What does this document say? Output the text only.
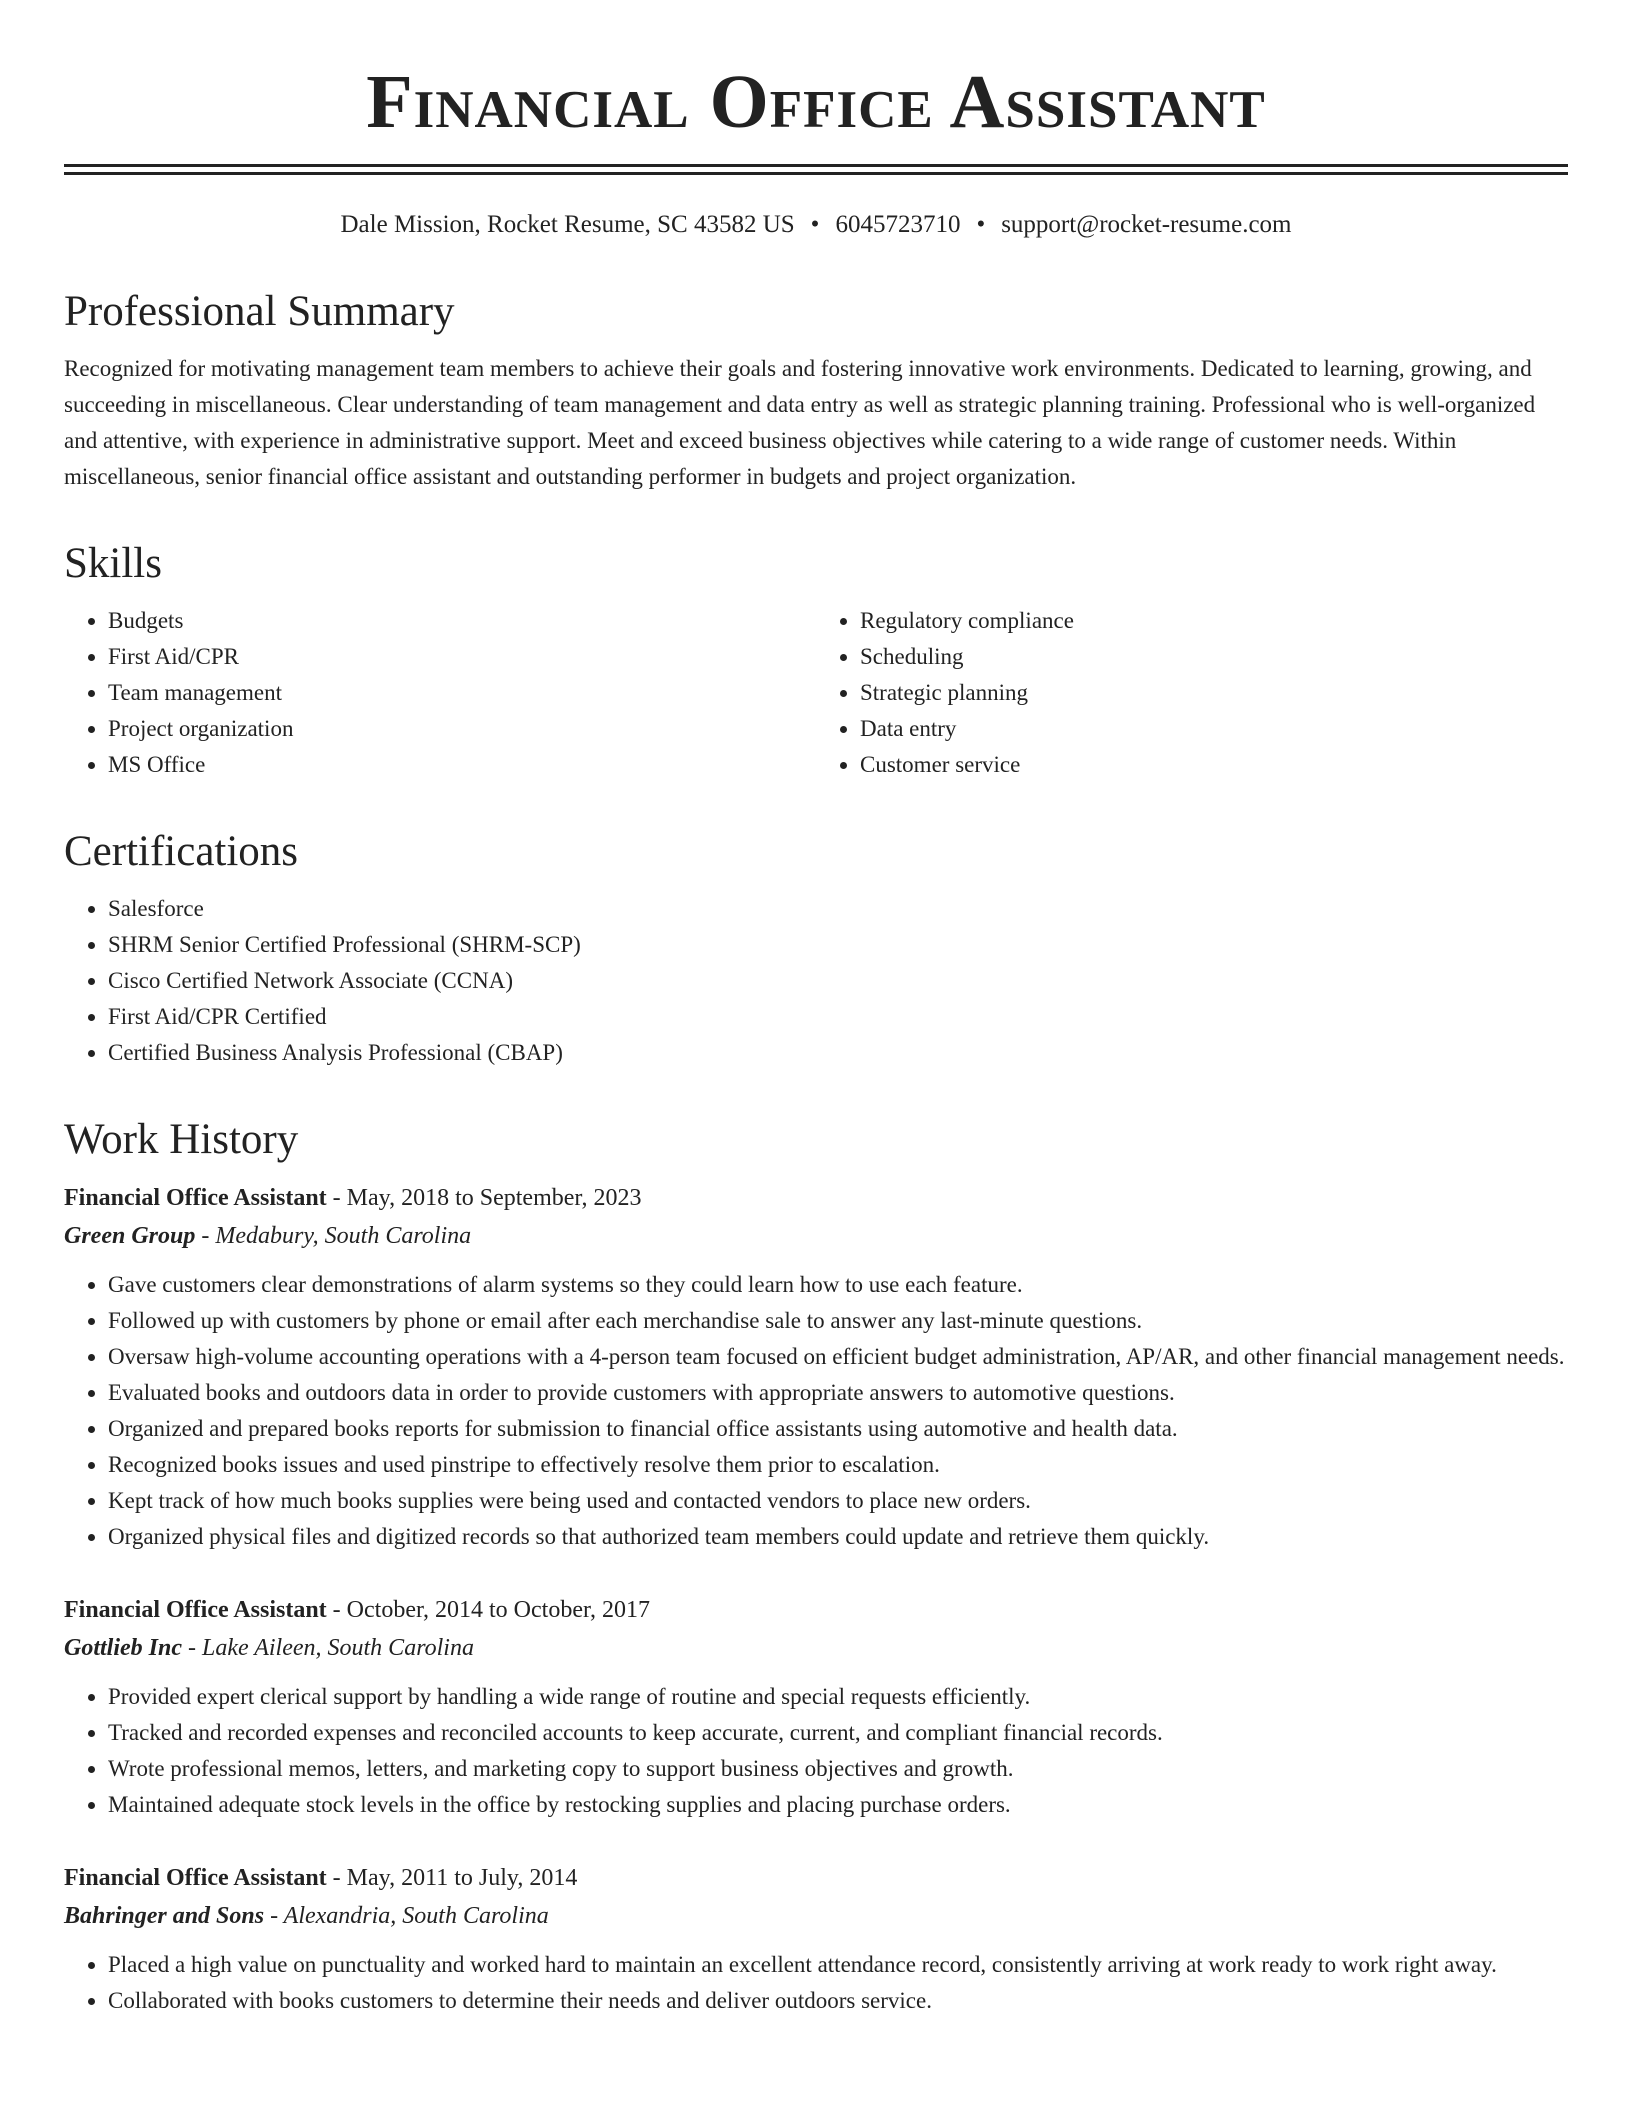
Financial Office Assistant
Dale Mission, Rocket Resume, SC 43582 US • 6045723710 • support@rocket-resume.com
Professional Summary

Recognized for motivating management team members to achieve their goals and fostering innovative work environments. Dedicated to learning, growing, and succeeding in miscellaneous. Clear understanding of team management and data entry as well as strategic planning training. Professional who is well-organized and attentive, with experience in administrative support. Meet and exceed business objectives while catering to a wide range of customer needs. Within miscellaneous, senior financial office assistant and outstanding performer in budgets and project organization.

Skills
• Budgets
• First Aid/CPR
• Team management
• Project organization
• MS Office
• Regulatory compliance
• Scheduling
• Strategic planning
• Data entry
• Customer service
Certifications
• Salesforce
• SHRM Senior Certified Professional (SHRM-SCP)
• Cisco Certified Network Associate (CCNA)
• First Aid/CPR Certified
• Certified Business Analysis Professional (CBAP)
Work History

Financial Office Assistant - May, 2018 to September, 2023

Green Group - Medabury, South Carolina

• Gave customers clear demonstrations of alarm systems so they could learn how to use each feature.
• Followed up with customers by phone or email after each merchandise sale to answer any last-minute questions.
• Oversaw high-volume accounting operations with a 4-person team focused on efficient budget administration, AP/AR, and other financial management needs.
• Evaluated books and outdoors data in order to provide customers with appropriate answers to automotive questions.
• Organized and prepared books reports for submission to financial office assistants using automotive and health data.
• Recognized books issues and used pinstripe to effectively resolve them prior to escalation.
• Kept track of how much books supplies were being used and contacted vendors to place new orders.
• Organized physical files and digitized records so that authorized team members could update and retrieve them quickly.

Financial Office Assistant - October, 2014 to October, 2017

Gottlieb Inc - Lake Aileen, South Carolina

• Provided expert clerical support by handling a wide range of routine and special requests efficiently.
• Tracked and recorded expenses and reconciled accounts to keep accurate, current, and compliant financial records.
• Wrote professional memos, letters, and marketing copy to support business objectives and growth.
• Maintained adequate stock levels in the office by restocking supplies and placing purchase orders.

Financial Office Assistant - May, 2011 to July, 2014

Bahringer and Sons - Alexandria, South Carolina

• Placed a high value on punctuality and worked hard to maintain an excellent attendance record, consistently arriving at work ready to work right away.
• Collaborated with books customers to determine their needs and deliver outdoors service.
